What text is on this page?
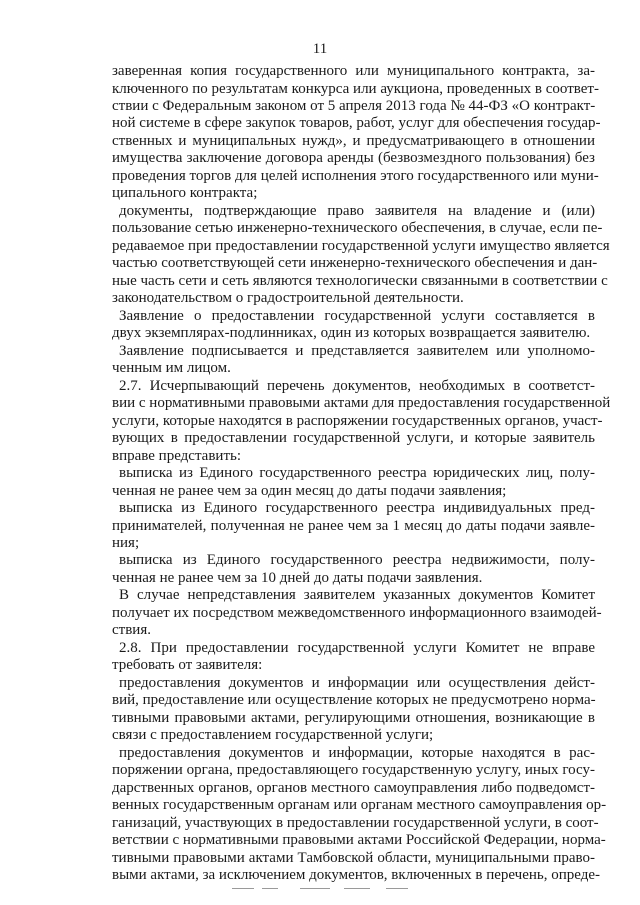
11
заверенная копия государственного или муниципального контракта, за-
ключенного по результатам конкурса или аукциона, проведенных в соответ-
ствии с Федеральным законом от 5 апреля 2013 года № 44-ФЗ «О контракт-
ной системе в сфере закупок товаров, работ, услуг для обеспечения государ-
ственных и муниципальных нужд», и предусматривающего в отношении
имущества заключение договора аренды (безвозмездного пользования) без
проведения торгов для целей исполнения этого государственного или муни-
ципального контракта;
документы, подтверждающие право заявителя на владение и (или)
пользование сетью инженерно-технического обеспечения, в случае, если пе-
редаваемое при предоставлении государственной услуги имущество является
частью соответствующей сети инженерно-технического обеспечения и дан-
ные часть сети и сеть являются технологически связанными в соответствии с
законодательством о градостроительной деятельности.
Заявление о предоставлении государственной услуги составляется в
двух экземплярах-подлинниках, один из которых возвращается заявителю.
Заявление подписывается и представляется заявителем или уполномо-
ченным им лицом.
2.7. Исчерпывающий перечень документов, необходимых в соответст-
вии с нормативными правовыми актами для предоставления государственной
услуги, которые находятся в распоряжении государственных органов, участ-
вующих в предоставлении государственной услуги, и которые заявитель
вправе представить:
выписка из Единого государственного реестра юридических лиц, полу-
ченная не ранее чем за один месяц до даты подачи заявления;
выписка из Единого государственного реестра индивидуальных пред-
принимателей, полученная не ранее чем за 1 месяц до даты подачи заявле-
ния;
выписка из Единого государственного реестра недвижимости, полу-
ченная не ранее чем за 10 дней до даты подачи заявления.
В случае непредставления заявителем указанных документов Комитет
получает их посредством межведомственного информационного взаимодей-
ствия.
2.8. При предоставлении государственной услуги Комитет не вправе
требовать от заявителя:
предоставления документов и информации или осуществления дейст-
вий, предоставление или осуществление которых не предусмотрено норма-
тивными правовыми актами, регулирующими отношения, возникающие в
связи с предоставлением государственной услуги;
предоставления документов и информации, которые находятся в рас-
поряжении органа, предоставляющего государственную услугу, иных госу-
дарственных органов, органов местного самоуправления либо подведомст-
венных государственным органам или органам местного самоуправления ор-
ганизаций, участвующих в предоставлении государственной услуги, в соот-
ветствии с нормативными правовыми актами Российской Федерации, норма-
тивными правовыми актами Тамбовской области, муниципальными право-
выми актами, за исключением документов, включенных в перечень, опреде-
